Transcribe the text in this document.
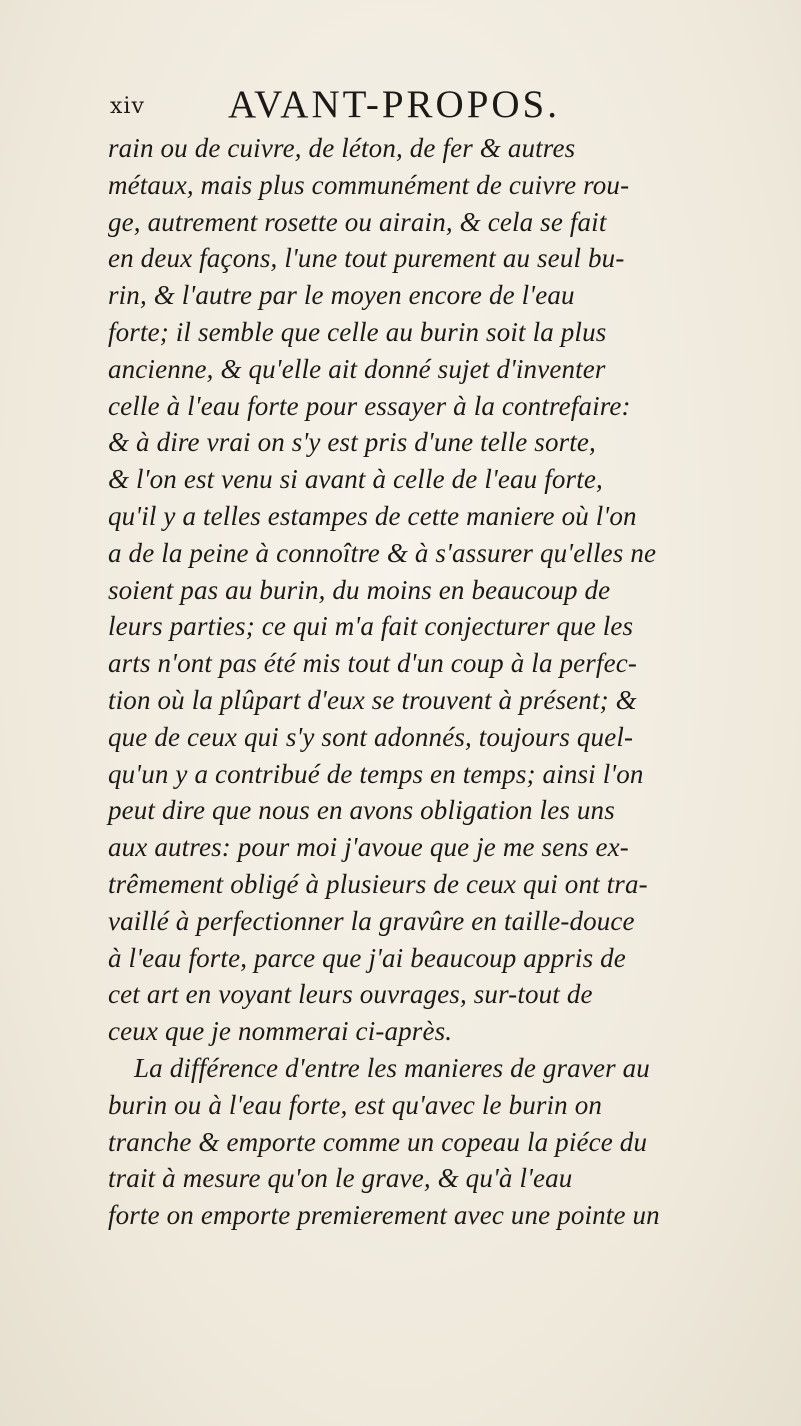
xiv AVANT-PROPOS.
rain ou de cuivre, de léton, de fer & autres
métaux, mais plus communément de cuivre rou-
ge, autrement rosette ou airain, & cela se fait
en deux façons, l'une tout purement au seul bu-
rin, & l'autre par le moyen encore de l'eau
forte; il semble que celle au burin soit la plus
ancienne, & qu'elle ait donné sujet d'inventer
celle à l'eau forte pour essayer à la contrefaire:
& à dire vrai on s'y est pris d'une telle sorte,
& l'on est venu si avant à celle de l'eau forte,
qu'il y a telles estampes de cette maniere où l'on
a de la peine à connoître & à s'assurer qu'elles ne
soient pas au burin, du moins en beaucoup de
leurs parties; ce qui m'a fait conjecturer que les
arts n'ont pas été mis tout d'un coup à la perfec-
tion où la plûpart d'eux se trouvent à présent; &
que de ceux qui s'y sont adonnés, toujours quel-
qu'un y a contribué de temps en temps; ainsi l'on
peut dire que nous en avons obligation les uns
aux autres: pour moi j'avoue que je me sens ex-
trêmement obligé à plusieurs de ceux qui ont tra-
vaillé à perfectionner la gravûre en taille-douce
à l'eau forte, parce que j'ai beaucoup appris de
cet art en voyant leurs ouvrages, sur-tout de
ceux que je nommerai ci-après.
La différence d'entre les manieres de graver au
burin ou à l'eau forte, est qu'avec le burin on
tranche & emporte comme un copeau la piéce du
trait à mesure qu'on le grave, & qu'à l'eau
forte on emporte premierement avec une pointe un
